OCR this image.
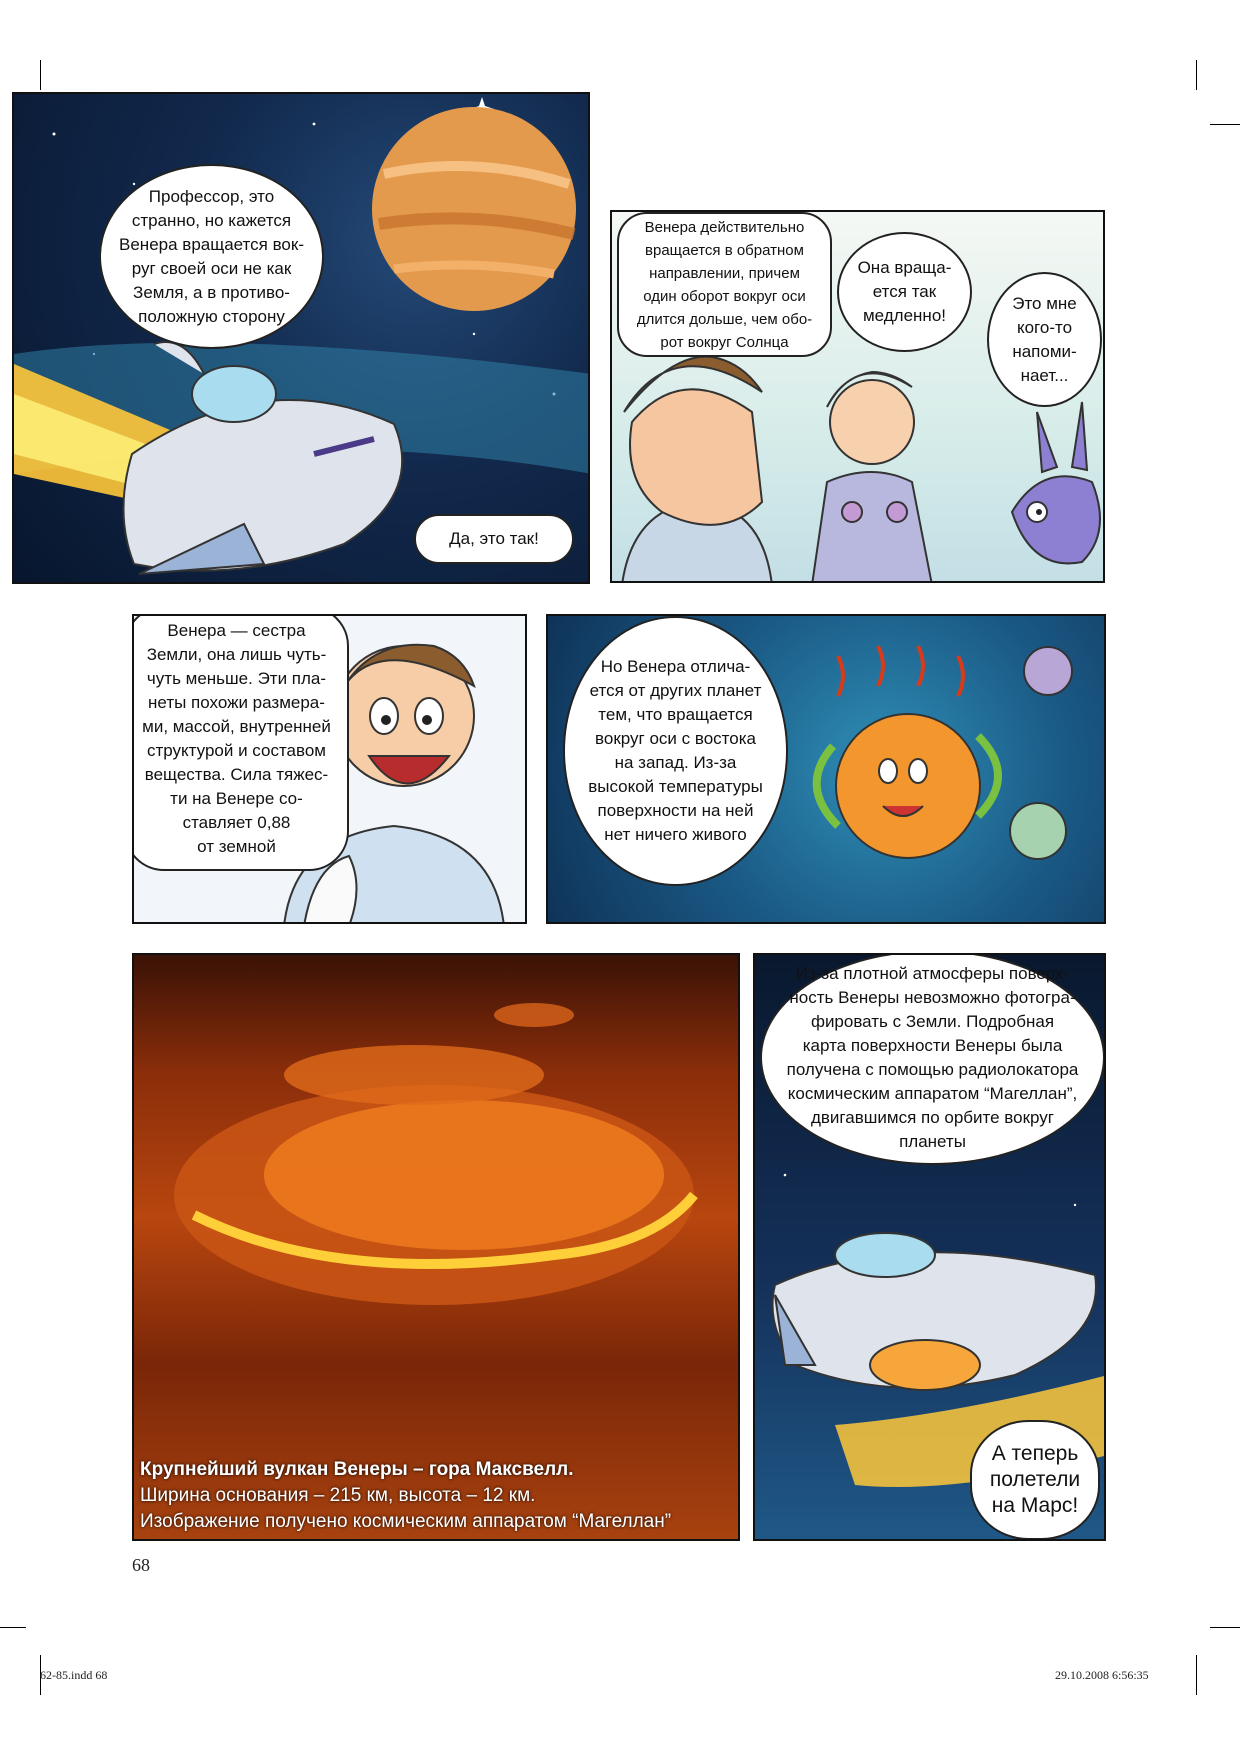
Профессор, это
странно, но кажется
Венера вращается вок-
руг своей оси не как
Земля, а в противо-
положную сторону
Да, это так!
Венера действительно
вращается в обратном
направлении, причем
один оборот вокруг оси
длится дольше, чем обо-
рот вокруг Солнца
Она враща-
ется так
медленно!
Это мне
кого-то
напоми-
нает...
Венера — сестра
Земли, она лишь чуть-
чуть меньше. Эти пла-
неты похожи размера-
ми, массой, внутренней
структурой и составом
вещества. Сила тяжес-
ти на Венере со-
ставляет 0,88
от земной
Но Венера отлича-
ется от других планет
тем, что вращается
вокруг оси с востока
на запад. Из-за
высокой температуры
поверхности на ней
нет ничего живого
Крупнейший вулкан Венеры – гора Максвелл.
Ширина основания – 215 км, высота – 12 км.
Изображение получено космическим аппаратом “Магеллан”
Из-за плотной атмосферы поверх-
ность Венеры невозможно фотогра-
фировать с Земли. Подробная
карта поверхности Венеры была
получена с помощью радиолокатора
космическим аппаратом “Магеллан”,
двигавшимся по орбите вокруг
планеты
А теперь
полетели
на Марс!
68
62-85.indd 68	29.10.2008 6:56:35
